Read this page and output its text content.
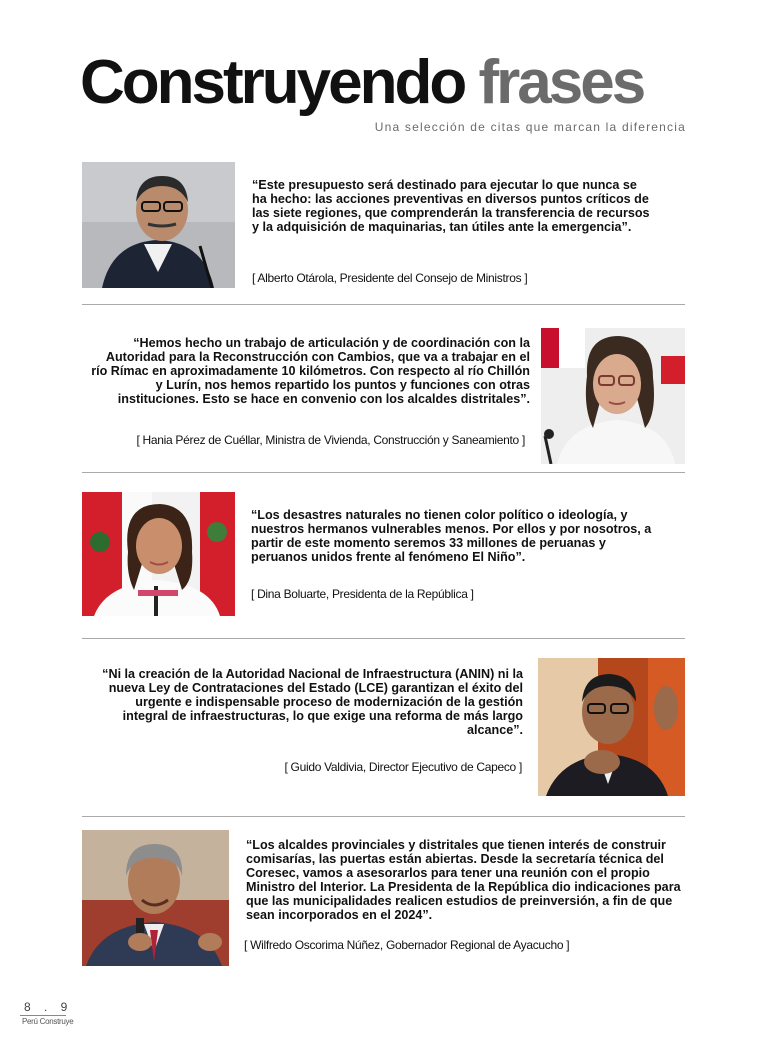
Construyendo frases
Una selección de citas que marcan la diferencia
“Este presupuesto será destinado para ejecutar lo que nunca se ha hecho: las acciones preventivas en diversos puntos críticos de las siete regiones, que comprenderán la transferencia de recursos y la adquisición de maquinarias, tan útiles ante la emergencia”.
[ Alberto Otárola, Presidente del Consejo de Ministros ]
“Hemos hecho un trabajo de articulación y de coordinación con la Autoridad para la Reconstrucción con Cambios, que va a trabajar en el río Rímac en aproximadamente 10 kilómetros. Con respecto al río Chillón y Lurín, nos hemos repartido los puntos y funciones con otras instituciones. Esto se hace en convenio con los alcaldes distritales”.
[ Hania Pérez de Cuéllar, Ministra de Vivienda, Construcción y Saneamiento ]
“Los desastres naturales no tienen color político o ideología, y nuestros hermanos vulnerables menos. Por ellos y por nosotros, a partir de este momento seremos 33 millones de peruanas y peruanos unidos frente al fenómeno El Niño”.
[ Dina Boluarte, Presidenta de la República ]
“Ni la creación de la Autoridad Nacional de Infraestructura (ANIN) ni la nueva Ley de Contrataciones del Estado (LCE) garantizan el éxito del urgente e indispensable proceso de modernización de la gestión integral de infraestructuras, lo que exige una reforma de más largo alcance”.
[ Guido Valdivia, Director Ejecutivo de Capeco ]
“Los alcaldes provinciales y distritales que tienen interés de construir comisarías, las puertas están abiertas. Desde la secretaría técnica del Coresec, vamos a asesorarlos para tener una reunión con el propio Ministro del Interior. La Presidenta de la República dio indicaciones para que las municipalidades realicen estudios de preinversión, a fin de que sean incorporados en el 2024”.
[ Wilfredo Oscorima Núñez, Gobernador Regional de Ayacucho ]
8 . 9
Perú Construye
